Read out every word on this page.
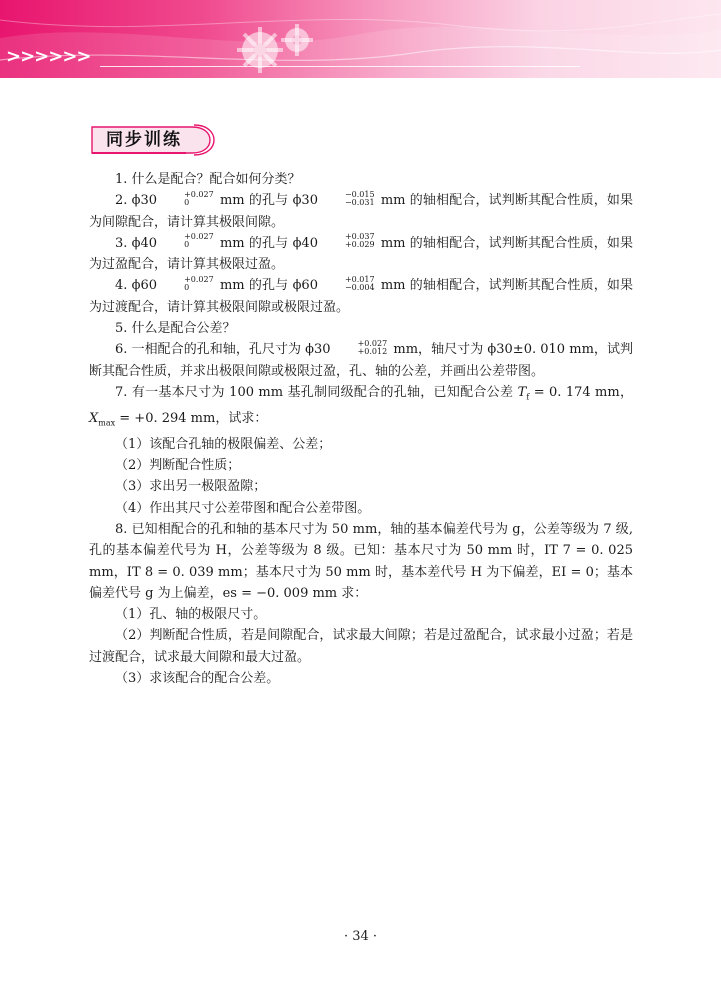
>>>>>>
同步训练

1. 什么是配合？配合如何分类？

2. ϕ30	+0.027
0	mm 的孔与 ϕ30	−0.015
−0.031 mm 的轴相配合，试判断其配合性质，如果为间隙配合，请计算其极限间隙。

3. ϕ40	+0.027
0	mm 的孔与 ϕ40	+0.037
+0.029 mm 的轴相配合，试判断其配合性质，如果为过盈配合，请计算其极限过盈。

4. ϕ60	+0.027
0	mm 的孔与 ϕ60	+0.017
−0.004 mm 的轴相配合，试判断其配合性质，如果为过渡配合，请计算其极限间隙或极限过盈。

5. 什么是配合公差？

6. 一相配合的孔和轴，孔尺寸为 ϕ30	+0.027
+0.012 mm，轴尺寸为 ϕ30±0. 010 mm，试判断其配合性质，并求出极限间隙或极限过盈，孔、轴的公差，并画出公差带图。

7. 有一基本尺寸为 100 mm 基孔制同级配合的孔轴，已知配合公差 $T_f = 0$. 174 mm，$X_{max} = +0$. 294 mm，试求：

（1）该配合孔轴的极限偏差、公差；

（2）判断配合性质；

（3）求出另一极限盈隙；

（4）作出其尺寸公差带图和配合公差带图。

8. 已知相配合的孔和轴的基本尺寸为 50 mm，轴的基本偏差代号为 g，公差等级为 7 级,孔的基本偏差代号为 H，公差等级为 8 级。已知：基本尺寸为 50 mm 时，IT 7 = 0. 025 mm，IT 8 = 0. 039 mm；基本尺寸为 50 mm 时，基本差代号 H 为下偏差，EI = 0；基本偏差代号 g 为上偏差，es = −0. 009 mm 求：

（1）孔、轴的极限尺寸。

（2）判断配合性质，若是间隙配合，试求最大间隙；若是过盈配合，试求最小过盈；若是过渡配合，试求最大间隙和最大过盈。

（3）求该配合的配合公差。

· 34 ·
